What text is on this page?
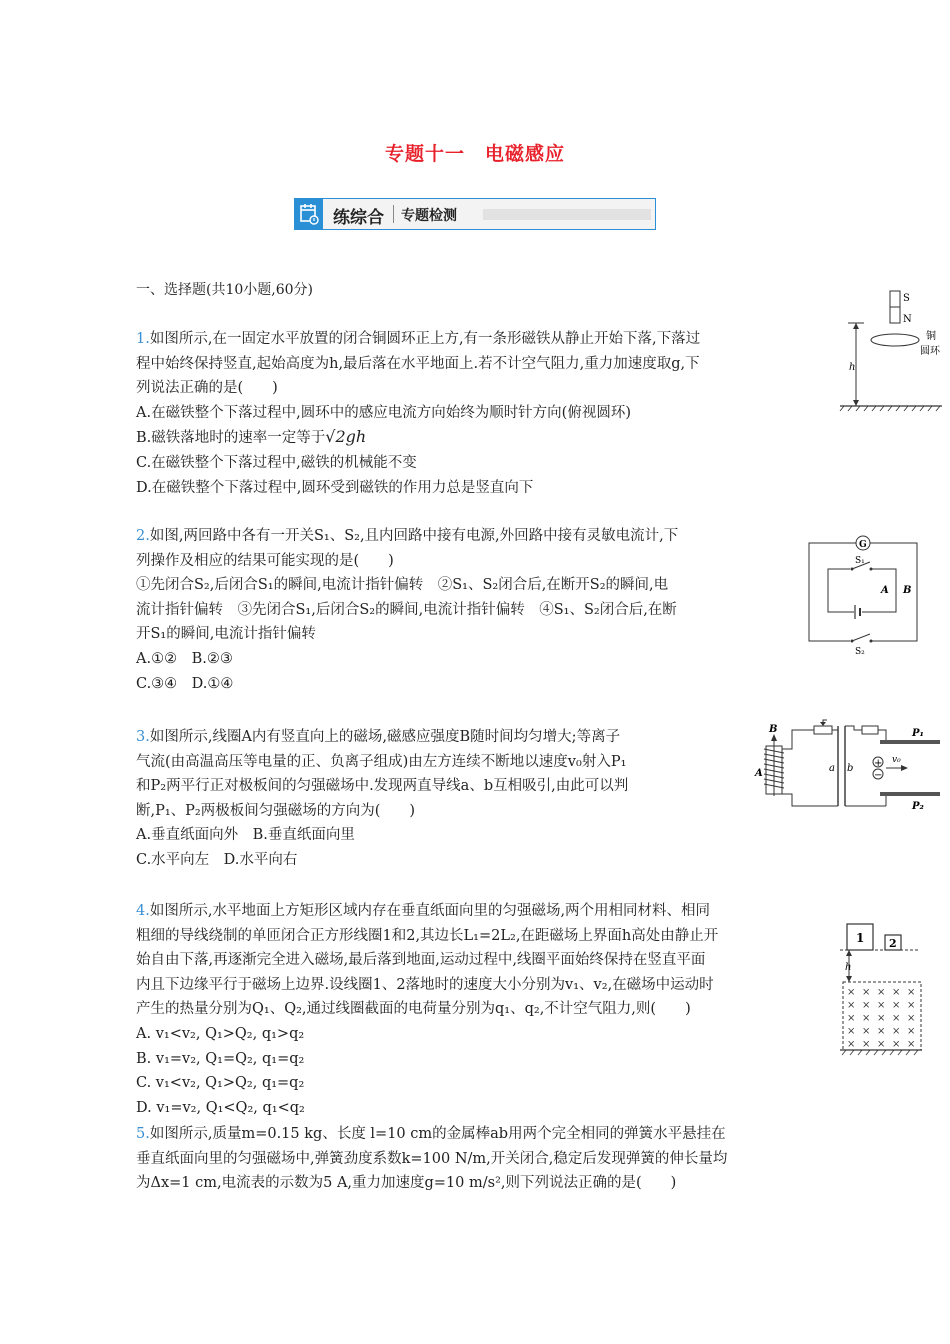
专题十一　电磁感应
练综合 专题检测
一、选择题(共10小题,60分)

1.如图所示,在一固定水平放置的闭合铜圆环正上方,有一条形磁铁从静止开始下落,下落过

程中始终保持竖直,起始高度为h,最后落在水平地面上.若不计空气阻力,重力加速度取g,下

列说法正确的是(　　)

A.在磁铁整个下落过程中,圆环中的感应电流方向始终为顺时针方向(俯视圆环)

B.磁铁落地时的速率一定等于√2gh

C.在磁铁整个下落过程中,磁铁的机械能不变

D.在磁铁整个下落过程中,圆环受到磁铁的作用力总是竖直向下

S
N
h
铜
圆环

2.如图,两回路中各有一开关S₁、S₂,且内回路中接有电源,外回路中接有灵敏电流计,下

列操作及相应的结果可能实现的是(　　)

①先闭合S₂,后闭合S₁的瞬间,电流计指针偏转　②S₁、S₂闭合后,在断开S₂的瞬间,电

流计指针偏转　③先闭合S₁,后闭合S₂的瞬间,电流计指针偏转　④S₁、S₂闭合后,在断

开S₁的瞬间,电流计指针偏转

A.①②　B.②③

C.③④　D.①④

G
S₁
A B
S₂

3.如图所示,线圈A内有竖直向上的磁场,磁感应强度B随时间均匀增大;等离子

气流(由高温高压等电量的正、负离子组成)由左方连续不断地以速度v₀射入P₁

和P₂两平行正对极板间的匀强磁场中.发现两直导线a、b互相吸引,由此可以判

断,P₁、P₂两极板间匀强磁场的方向为(　　)

A.垂直纸面向外　B.垂直纸面向里

C.水平向左　D.水平向右

B
A	a b
P₁
P₂
+
−
v₀

4.如图所示,水平地面上方矩形区域内存在垂直纸面向里的匀强磁场,两个用相同材料、相同

粗细的导线绕制的单匝闭合正方形线圈1和2,其边长L₁=2L₂,在距磁场上界面h高处由静止开

始自由下落,再逐渐完全进入磁场,最后落到地面,运动过程中,线圈平面始终保持在竖直平面

内且下边缘平行于磁场上边界.设线圈1、2落地时的速度大小分别为v₁、v₂,在磁场中运动时

产生的热量分别为Q₁、Q₂,通过线圈截面的电荷量分别为q₁、q₂,不计空气阻力,则(　　)

A. v₁<v₂, Q₁>Q₂, q₁>q₂

B. v₁=v₂, Q₁=Q₂, q₁=q₂

C. v₁<v₂, Q₁>Q₂, q₁=q₂

D. v₁=v₂, Q₁<Q₂, q₁<q₂

1 2
h
× × × × ×
× × × × ×
× × × × ×
× × × × ×
× × × × ×

5.如图所示,质量m=0.15 kg、长度 l=10 cm的金属棒ab用两个完全相同的弹簧水平悬挂在

垂直纸面向里的匀强磁场中,弹簧劲度系数k=100 N/m,开关闭合,稳定后发现弹簧的伸长量均

为Δx=1 cm,电流表的示数为5 A,重力加速度g=10 m/s²,则下列说法正确的是(　　)
